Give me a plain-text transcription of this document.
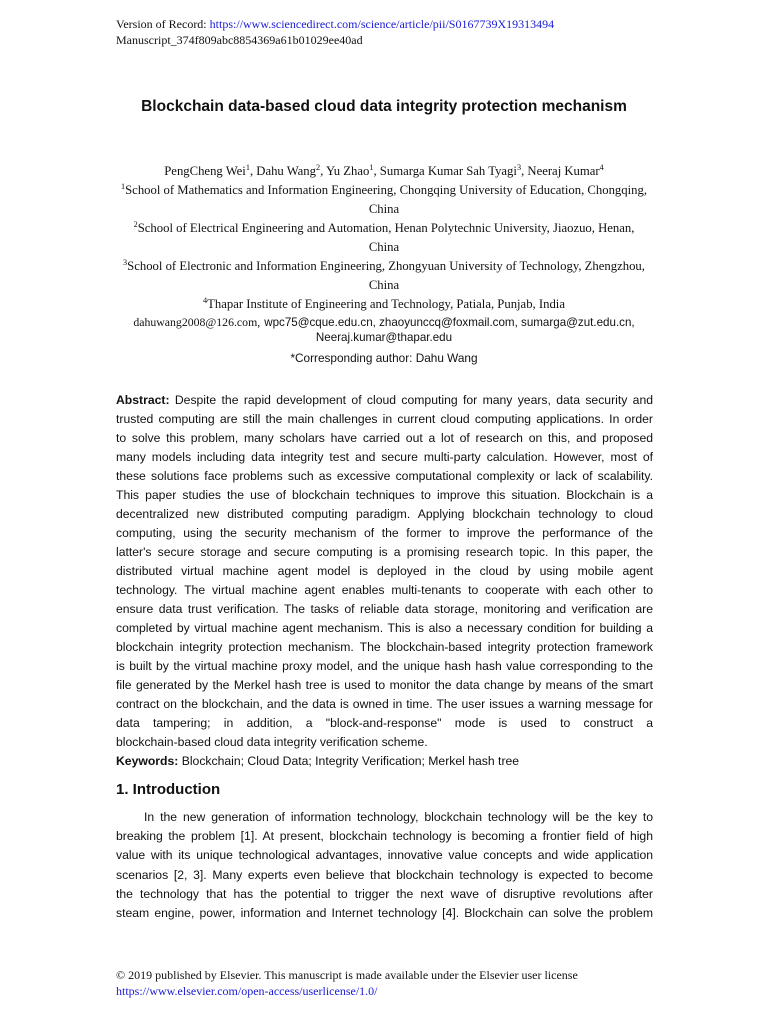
Version of Record: https://www.sciencedirect.com/science/article/pii/S0167739X19313494
Manuscript_374f809abc8854369a61b01029ee40ad
Blockchain data-based cloud data integrity protection mechanism
PengCheng Wei$^1$, Dahu Wang$^2$, Yu Zhao$^1$, Sumarga Kumar Sah Tyagi$^3$, Neeraj Kumar$^4$
$^1$School of Mathematics and Information Engineering, Chongqing University of Education, Chongqing,
China
$^2$School of Electrical Engineering and Automation, Henan Polytechnic University, Jiaozuo, Henan,
China
$^3$School of Electronic and Information Engineering, Zhongyuan University of Technology, Zhengzhou,
China
$^4$Thapar Institute of Engineering and Technology, Patiala, Punjab, India
dahuwang2008@126.com, wpc75@cque.edu.cn, zhaoyunccq@foxmail.com, sumarga@zut.edu.cn,
Neeraj.kumar@thapar.edu
*Corresponding author: Dahu Wang
Abstract: Despite the rapid development of cloud computing for many years, data security and
trusted computing are still the main challenges in current cloud computing applications. In order
to solve this problem, many scholars have carried out a lot of research on this, and proposed
many models including data integrity test and secure multi-party calculation. However, most of
these solutions face problems such as excessive computational complexity or lack of scalability.
This paper studies the use of blockchain techniques to improve this situation. Blockchain is a
decentralized new distributed computing paradigm. Applying blockchain technology to cloud
computing, using the security mechanism of the former to improve the performance of the
latter's secure storage and secure computing is a promising research topic. In this paper, the
distributed virtual machine agent model is deployed in the cloud by using mobile agent
technology. The virtual machine agent enables multi-tenants to cooperate with each other to
ensure data trust verification. The tasks of reliable data storage, monitoring and verification are
completed by virtual machine agent mechanism. This is also a necessary condition for building a
blockchain integrity protection mechanism. The blockchain-based integrity protection framework
is built by the virtual machine proxy model, and the unique hash hash value corresponding to the
file generated by the Merkel hash tree is used to monitor the data change by means of the smart
contract on the blockchain, and the data is owned in time. The user issues a warning message for
data tampering; in addition, a "block-and-response" mode is used to construct a
blockchain-based cloud data integrity verification scheme.
Keywords: Blockchain; Cloud Data; Integrity Verification; Merkel hash tree
1. Introduction
In the new generation of information technology, blockchain technology will be the key to
breaking the problem [1]. At present, blockchain technology is becoming a frontier field of high
value with its unique technological advantages, innovative value concepts and wide application
scenarios [2, 3]. Many experts even believe that blockchain technology is expected to become
the technology that has the potential to trigger the next wave of disruptive revolutions after
steam engine, power, information and Internet technology [4]. Blockchain can solve the problem
© 2019 published by Elsevier. This manuscript is made available under the Elsevier user license
https://www.elsevier.com/open-access/userlicense/1.0/
